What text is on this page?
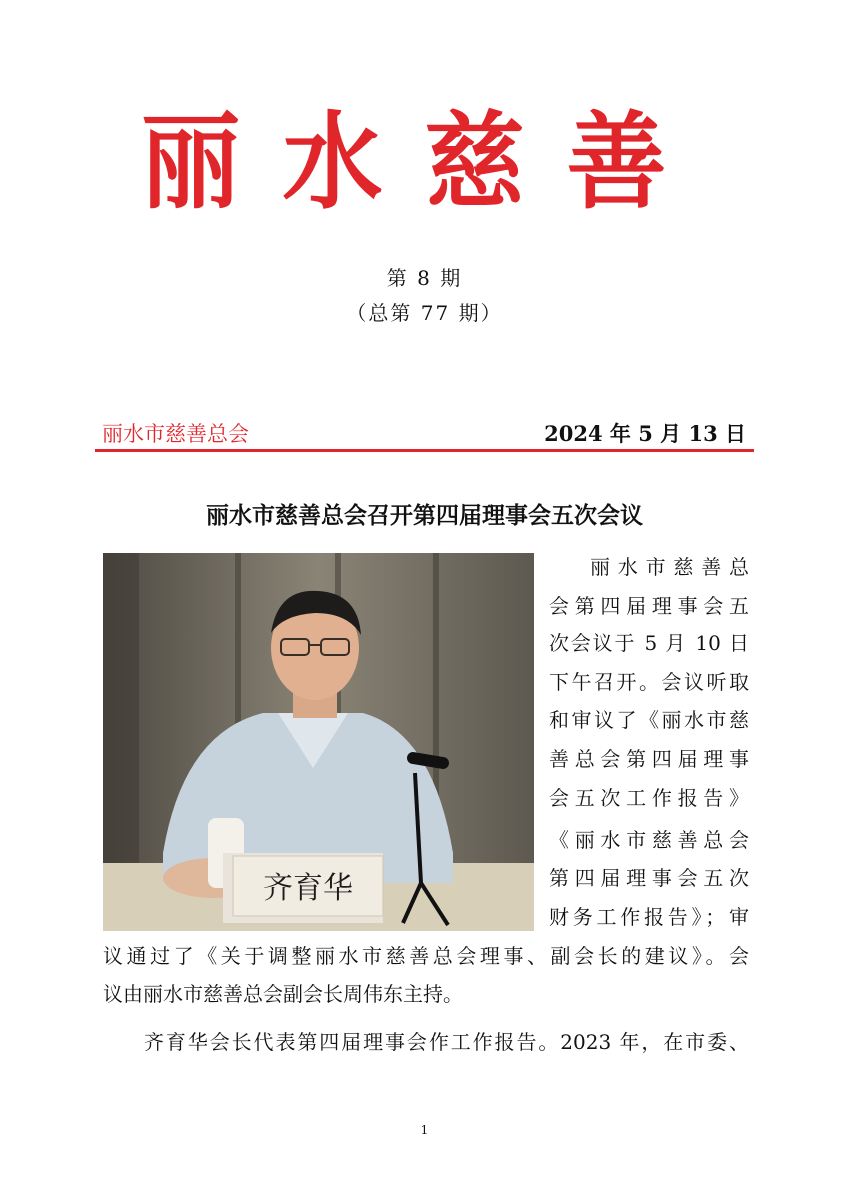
丽水慈善
第 8 期
（总第 77 期）
丽水市慈善总会	2024 年 5 月 13 日
丽水市慈善总会召开第四届理事会五次会议
齐育华
丽水市慈善总
会第四届理事会五
次会议于 5 月 10 日
下午召开。会议听取
和审议了《丽水市慈
善总会第四届理事
会五次工作报告》
《丽水市慈善总会
第四届理事会五次
财务工作报告》；审
议通过了《关于调整丽水市慈善总会理事、副会长的建议》。会
议由丽水市慈善总会副会长周伟东主持。
齐育华会长代表第四届理事会作工作报告。2023 年，在市委、
1
